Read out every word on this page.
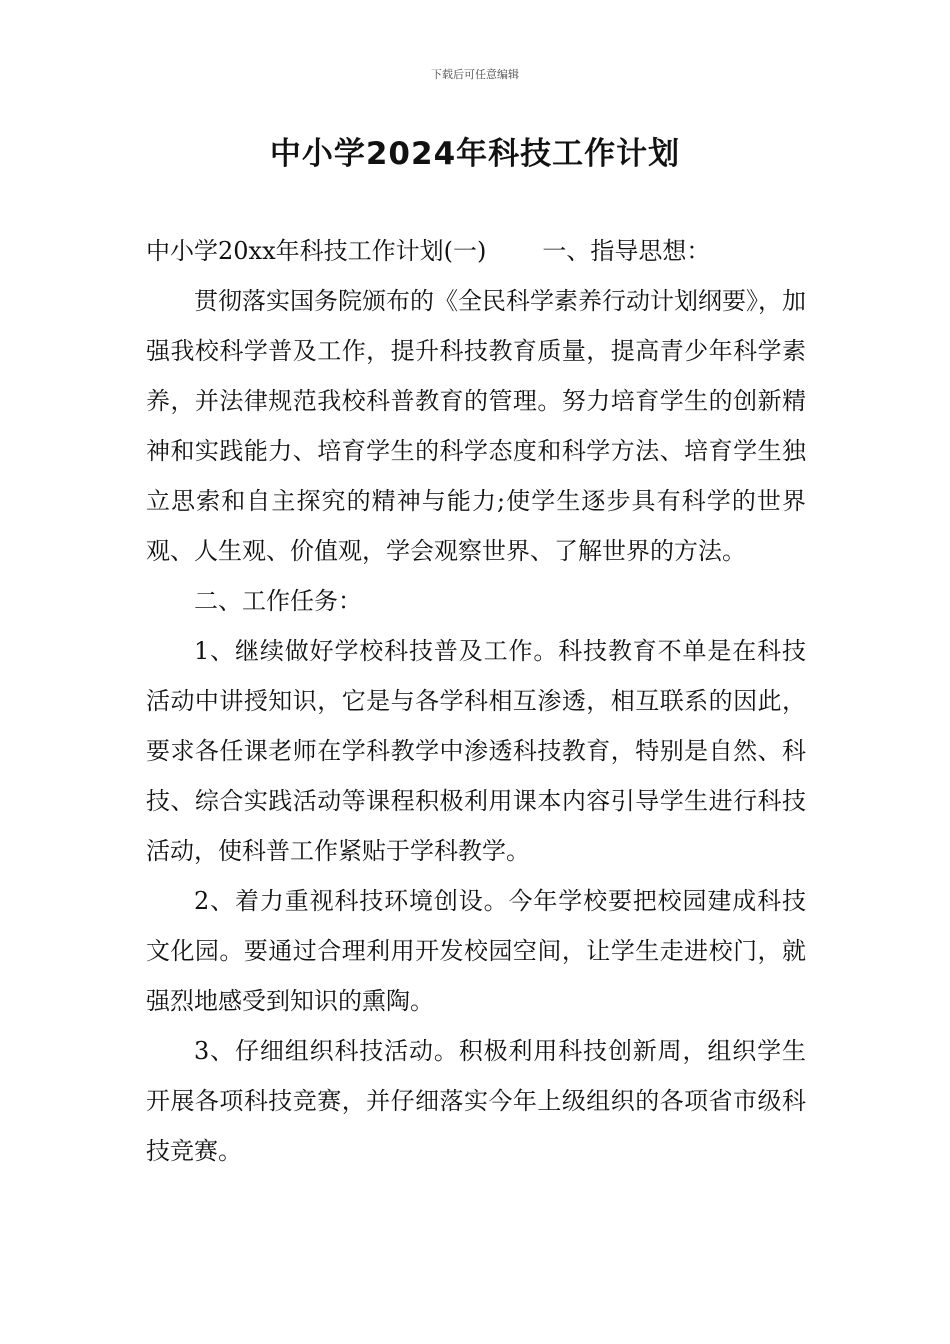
下载后可任意编辑
中小学2024年科技工作计划

中小学20xx年科技工作计划(一) 一、指导思想：

贯彻落实国务院颁布的《全民科学素养行动计划纲要》，加强我校科学普及工作，提升科技教育质量，提高青少年科学素养，并法律规范我校科普教育的管理。努力培育学生的创新精神和实践能力、培育学生的科学态度和科学方法、培育学生独立思索和自主探究的精神与能力;使学生逐步具有科学的世界观、人生观、价值观，学会观察世界、了解世界的方法。

二、工作任务：

1、继续做好学校科技普及工作。科技教育不单是在科技活动中讲授知识，它是与各学科相互渗透，相互联系的因此，要求各任课老师在学科教学中渗透科技教育，特别是自然、科技、综合实践活动等课程积极利用课本内容引导学生进行科技活动，使科普工作紧贴于学科教学。

2、着力重视科技环境创设。今年学校要把校园建成科技文化园。要通过合理利用开发校园空间，让学生走进校门，就强烈地感受到知识的熏陶。

3、仔细组织科技活动。积极利用科技创新周，组织学生开展各项科技竞赛，并仔细落实今年上级组织的各项省市级科技竞赛。
